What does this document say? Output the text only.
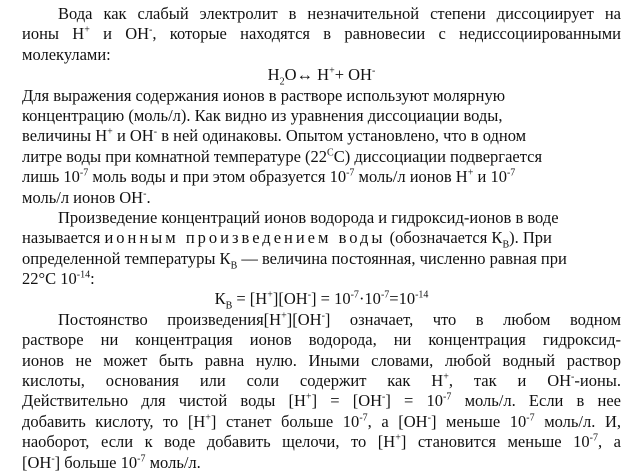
Вода как слабый электролит в незначительной степени диссоциирует на
ионы Н+ и ОН-, которые находятся в равновесии с недиссоциированными
молекулами:
$Н_2О\leftrightarrow$ Н++ ОН-
Для выражения содержания ионов в растворе используют молярную
концентрацию (моль/л). Как видно из уравнения диссоциации воды,
величины Н+ и ОН- в ней одинаковы. Опытом установлено, что в одном
литре воды при комнатной температуре $(22^СС)$ диссоциации подвергается
лишь $10^{-7}$ моль воды и при этом образуется $10^{-7}$ моль/л ионов Н+ и $10^{-7}$
моль/л ионов ОН-.
Произведение концентраций ионов водорода и гидроксид-ионов в воде
называется ионным произведением воды (обозначается $К_В$). При
определенной температуры $К_В$ — величина постоянная, численно равная при
22°С $10^{-14}$:
$К_В = [Н^+][ОН^-] = 10^{-7}\cdot 10^{-7}=10^{-14}$
Постоянство произведения[Н+][ОН-] означает, что в любом водном
растворе ни концентрация ионов водорода, ни концентрация гидроксид-
ионов не может быть равна нулю. Иными словами, любой водный раствор
кислоты, основания или соли содержит как Н+, так и ОН--ионы.
Действительно для чистой воды $[Н^+] = [ОН^-] = 10^{-7}$ моль/л. Если в нее
добавить кислоту, то [Н+] станет больше $10^{-7}$, а [ОН-] меньше $10^{-7}$ моль/л. И,
наоборот, если к воде добавить щелочи, то [Н+] становится меньше $10^{-7}$, а
[ОН-] больше $10^{-7}$ моль/л.
